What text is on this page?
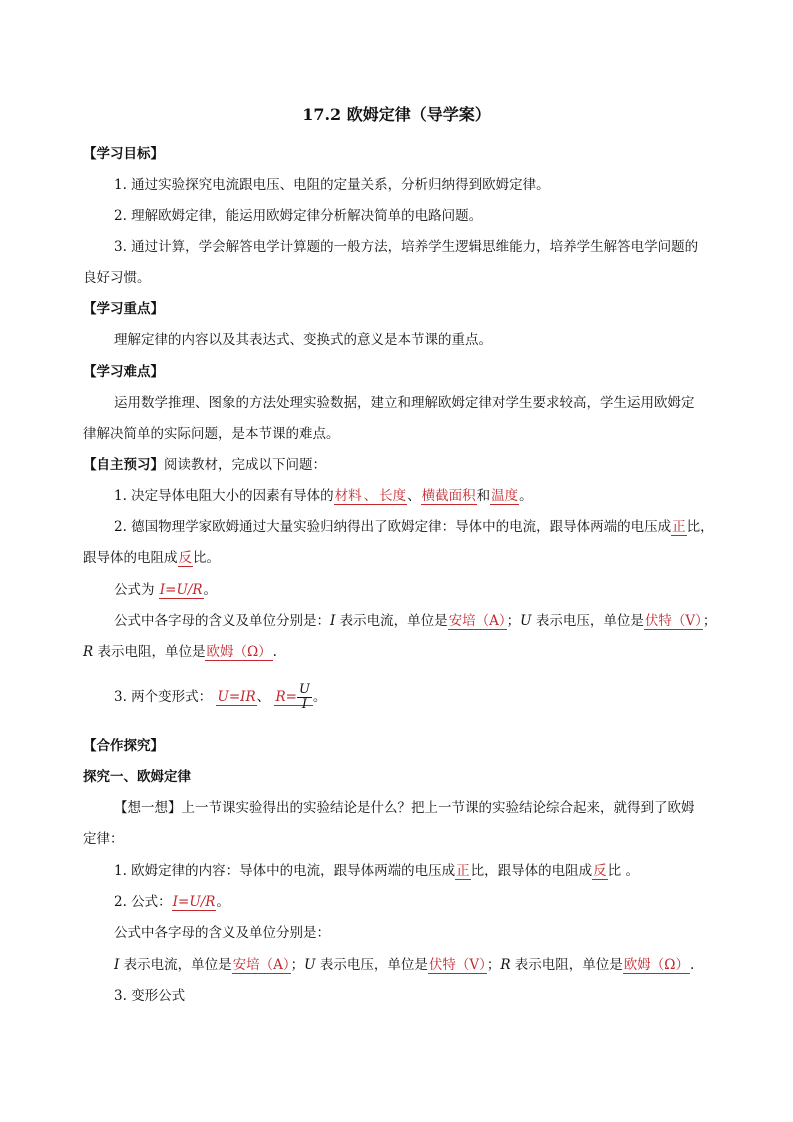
17.2 欧姆定律（导学案）
【学习目标】
1. 通过实验探究电流跟电压、电阻的定量关系，分析归纳得到欧姆定律。
2. 理解欧姆定律，能运用欧姆定律分析解决简单的电路问题。
3. 通过计算，学会解答电学计算题的一般方法，培养学生逻辑思维能力，培养学生解答电学问题的
良好习惯。
【学习重点】
理解定律的内容以及其表达式、变换式的意义是本节课的重点。
【学习难点】
运用数学推理、图象的方法处理实验数据，建立和理解欧姆定律对学生要求较高，学生运用欧姆定
律解决简单的实际问题，是本节课的难点。
【自主预习】阅读教材，完成以下问题：
1. 决定导体电阻大小的因素有导体的材料 、 长度、横截面积和温度。
2. 德国物理学家欧姆通过大量实验归纳得出了欧姆定律：导体中的电流，跟导体两端的电压成正比，
跟导体的电阻成反比。
公式为 I=U/R。
公式中各字母的含义及单位分别是：I 表示电流，单位是安培（A）；U 表示电压，单位是伏特（V）；
R 表示电阻，单位是欧姆（Ω）.
3. 两个变形式： U=IR、 $R= \frac{U}{I}$ 。
【合作探究】
探究一、欧姆定律
【想一想】上一节课实验得出的实验结论是什么？把上一节课的实验结论综合起来，就得到了欧姆
定律：
1. 欧姆定律的内容：导体中的电流，跟导体两端的电压成正比，跟导体的电阻成反比 。
2. 公式：I=U/R。
公式中各字母的含义及单位分别是：
I 表示电流，单位是安培（A）；U 表示电压，单位是伏特（V）；R 表示电阻，单位是欧姆（Ω）.
3. 变形公式
